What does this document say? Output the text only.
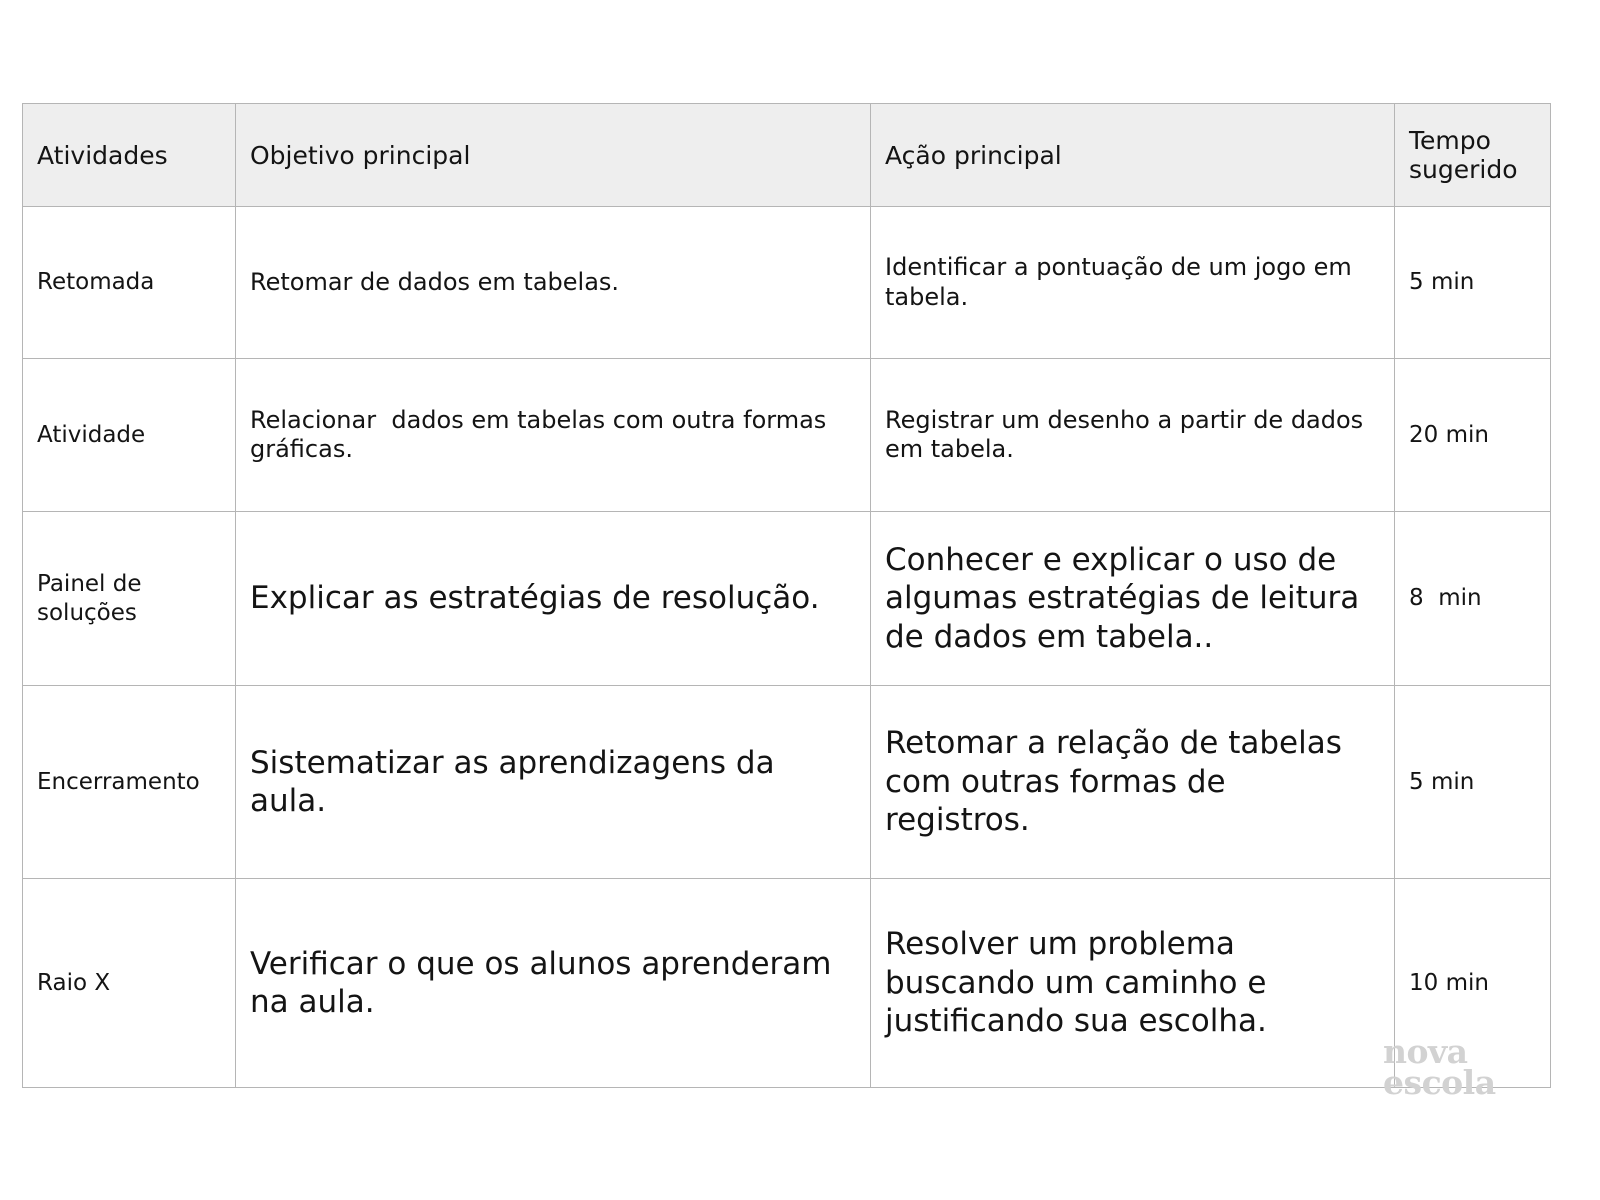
Atividades	Objetivo principal	Ação principal	Tempo sugerido
Retomada	Retomar de dados em tabelas.	Identificar a pontuação de um jogo em tabela.	5 min
Atividade	Relacionar  dados em tabelas com outra formas gráficas.	Registrar um desenho a partir de dados em tabela.	20 min
Painel de soluções	Explicar as estratégias de resolução.	Conhecer e explicar o uso de algumas estratégias de leitura de dados em tabela..	8  min
Encerramento	Sistematizar as aprendizagens da aula.	Retomar a relação de tabelas com outras formas de registros.	5 min
Raio X	Verificar o que os alunos aprenderam na aula.	Resolver um problema buscando um caminho e justificando sua escolha.	10 min
nova
escola
